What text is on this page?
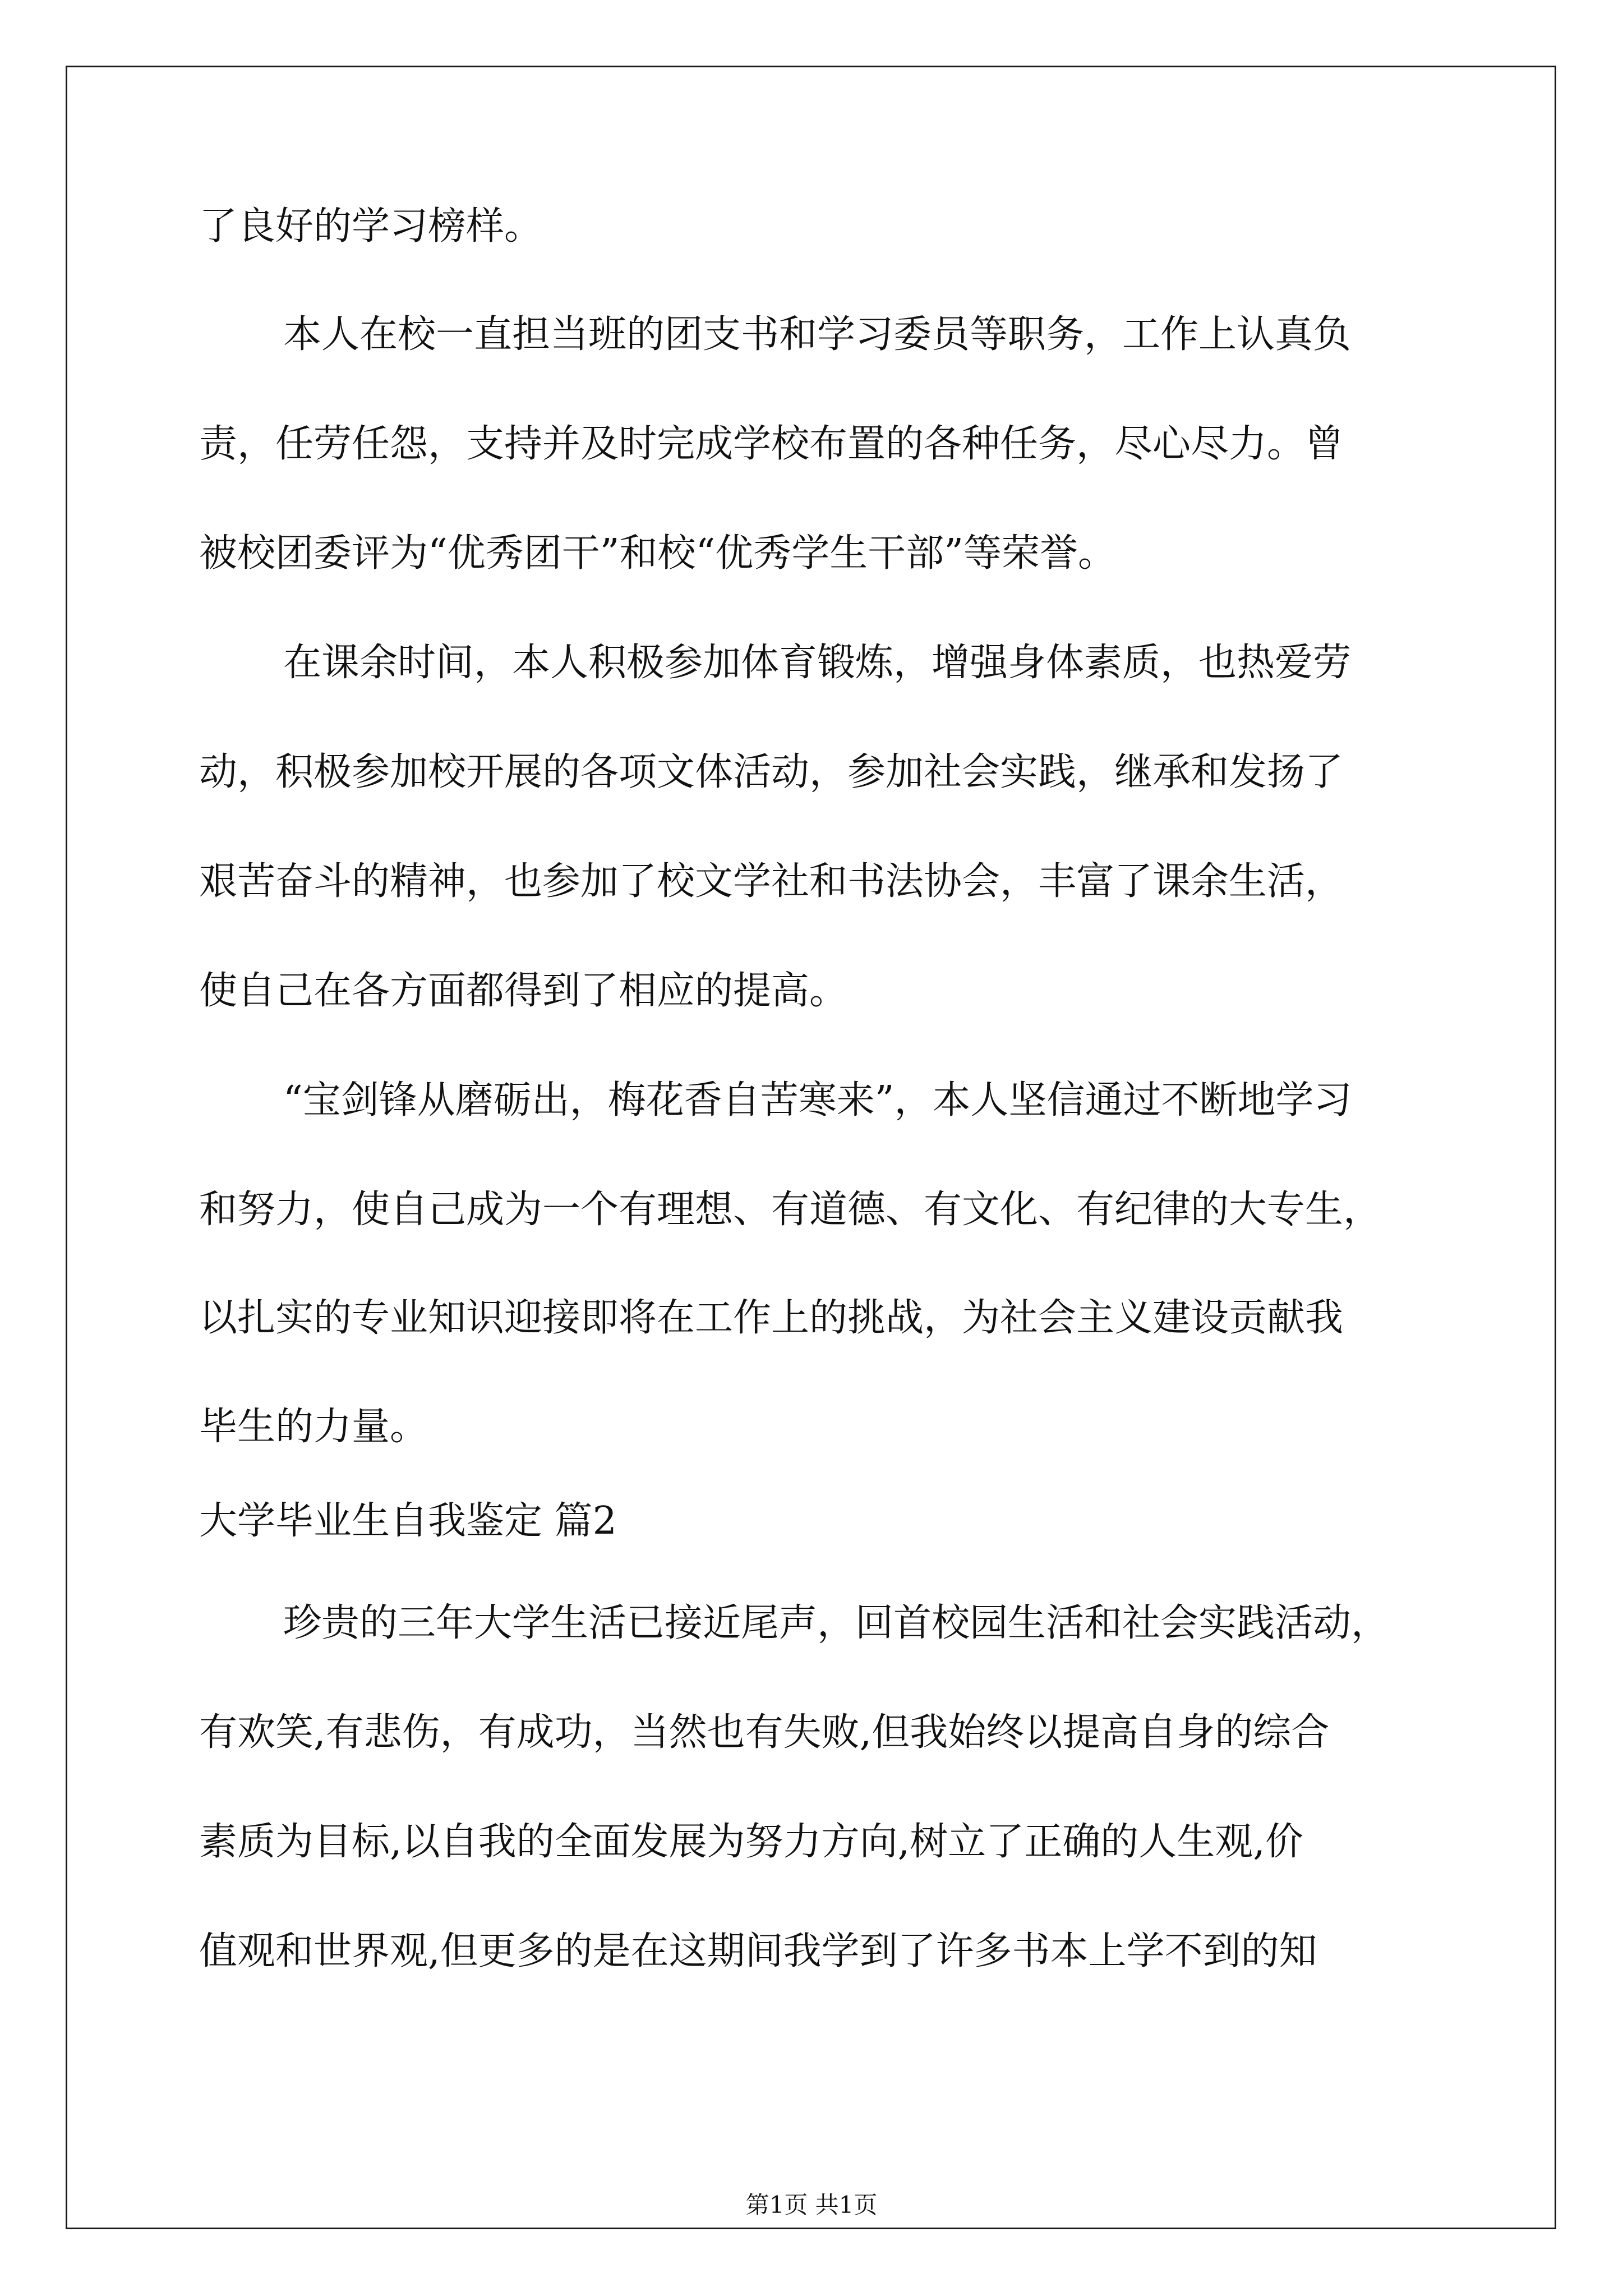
了良好的学习榜样。

本人在校一直担当班的团支书和学习委员等职务，工作上认真负

责，任劳任怨，支持并及时完成学校布置的各种任务，尽心尽力。曾

被校团委评为“优秀团干”和校“优秀学生干部”等荣誉。

在课余时间，本人积极参加体育锻炼，增强身体素质，也热爱劳

动，积极参加校开展的各项文体活动，参加社会实践，继承和发扬了

艰苦奋斗的精神，也参加了校文学社和书法协会，丰富了课余生活，

使自己在各方面都得到了相应的提高。

“宝剑锋从磨砺出，梅花香自苦寒来”，本人坚信通过不断地学习

和努力，使自己成为一个有理想、有道德、有文化、有纪律的大专生，

以扎实的专业知识迎接即将在工作上的挑战，为社会主义建设贡献我

毕生的力量。

大学毕业生自我鉴定 篇2

珍贵的三年大学生活已接近尾声，回首校园生活和社会实践活动，

有欢笑,有悲伤，有成功，当然也有失败,但我始终以提高自身的综合

素质为目标,以自我的全面发展为努力方向,树立了正确的人生观,价

值观和世界观,但更多的是在这期间我学到了许多书本上学不到的知

第1页 共1页
